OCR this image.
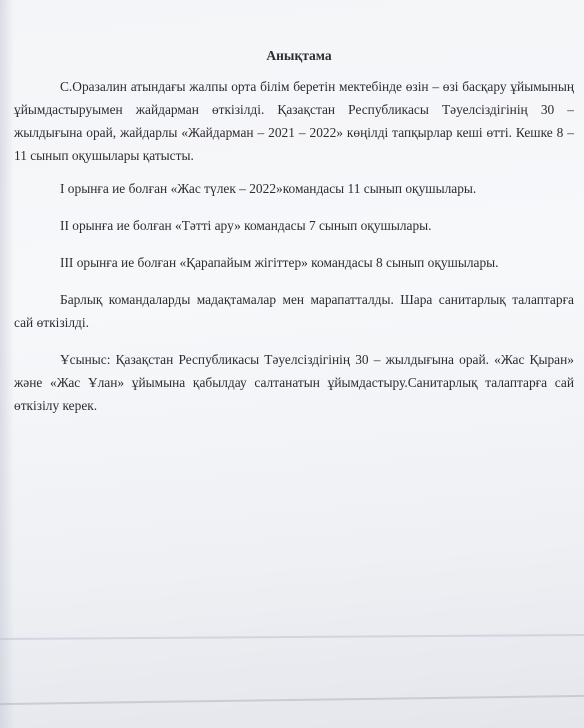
Анықтама

С.Оразалин атындағы жалпы орта білім беретін мектебінде өзін – өзі басқару ұйымының ұйымдастыруымен жайдарман өткізілді. Қазақстан Республикасы Тәуелсіздігінің 30 – жылдығына орай, жайдарлы «Жайдарман – 2021 – 2022» көңілді тапқырлар кеші өтті. Кешке 8 – 11 сынып оқушылары қатысты.

І орынға ие болған «Жас түлек – 2022»командасы 11 сынып оқушылары.

ІІ орынға ие болған «Тәтті ару» командасы 7 сынып оқушылары.

ІІІ орынға ие болған «Қарапайым жігіттер» командасы 8 сынып оқушылары.

Барлық командаларды мадақтамалар мен марапатталды. Шара санитарлық талаптарға сай өткізілді.

Ұсыныс: Қазақстан Республикасы Тәуелсіздігінің 30 – жылдығына орай. «Жас Қыран» және «Жас Ұлан» ұйымына қабылдау салтанатын ұйымдастыру.Санитарлық талаптарға сай өткізілу керек.
